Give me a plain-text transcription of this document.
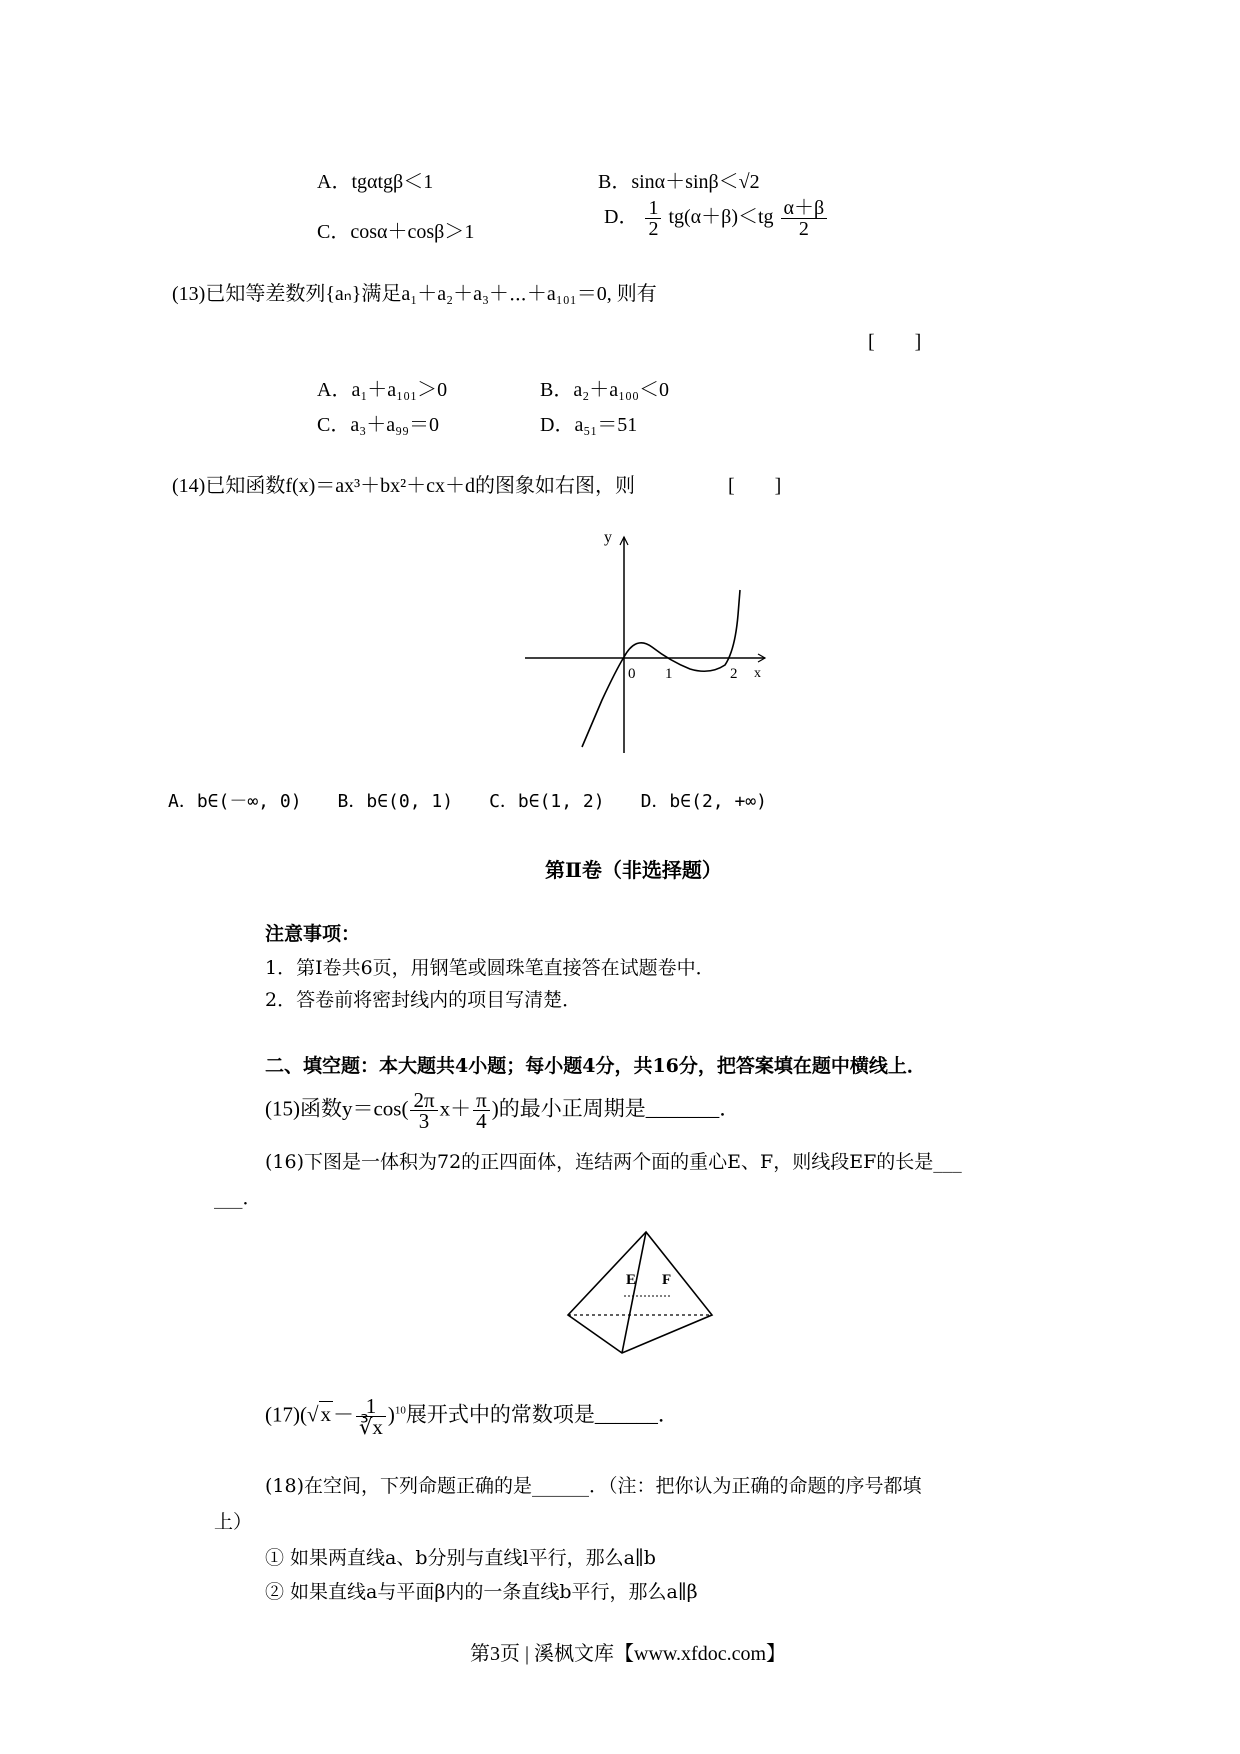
A．tgαtgβ＜1	B．sinα＋sinβ＜√2
C．cosα＋cosβ＞1
D． $\frac{1}{2} tg(\alpha+\beta)<tg \frac{\alpha+\beta}{2}$
(13)已知等差数列{aₙ}满足a₁＋a₂＋a₃＋⋯＋a₁₀₁＝0, 则有
[　　]
A．a₁＋a₁₀₁＞0	B．a₂＋a₁₀₀＜0
C．a₃＋a₉₉＝0	D．a₅₁＝51
(14)已知函数f(x)＝ax³＋bx²＋cx＋d的图象如右图，则	[　　]
y
x
0 1	2
A．b∈(－∞, 0)　　B．b∈(0, 1)　　C．b∈(1, 2)　　D．b∈(2, +∞)
第Ⅱ卷（非选择题）
注意事项：
1．第Ⅰ卷共6页，用钢笔或圆珠笔直接答在试题卷中．
2．答卷前将密封线内的项目写清楚．
二、填空题：本大题共4小题；每小题4分，共16分，把答案填在题中横线上．
(15)函数$y=\cos( \frac{2\pi}{3} x+ \frac{\pi}{4}$ )的最小正周期是_______．
(16)下图是一体积为72的正四面体，连结两个面的重心E、F，则线段EF的长是___
___．
E F
$(17)(√x- \frac{1}{∛x} )^{10}$展开式中的常数项是______．
(18)在空间，下列命题正确的是______．（注：把你认为正确的命题的序号都填
上）
① 如果两直线a、b分别与直线l平行，那么a∥b
② 如果直线a与平面β内的一条直线b平行，那么a∥β
第3页 | 溪枫文库【www.xfdoc.com】
